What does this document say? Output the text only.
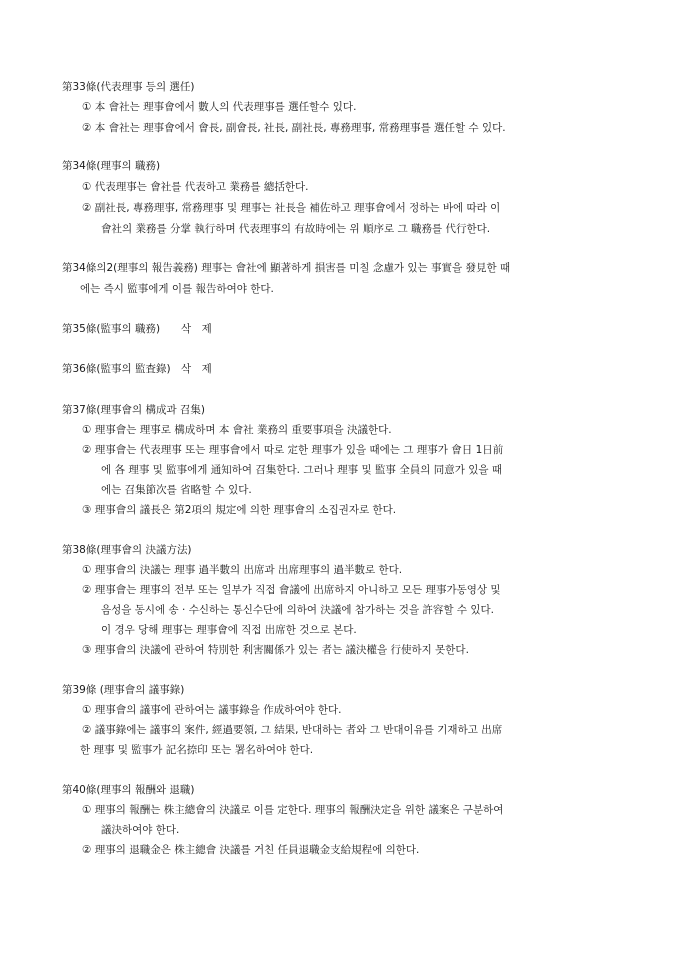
第33條(代表理事 등의 選任)
① 本 會社는 理事會에서 數人의 代表理事를 選任할수 있다.
② 本 會社는 理事會에서 會長, 副會長, 社長, 副社長, 專務理事, 常務理事를 選任할 수 있다.
第34條(理事의 職務)
① 代表理事는 會社를 代表하고 業務를 總括한다.
② 副社長, 專務理事, 常務理事 및 理事는 社長을 補佐하고 理事會에서 정하는 바에 따라 이
會社의 業務를 分掌 執行하며 代表理事의 有故時에는 위 順序로 그 職務를 代行한다.
第34條의2(理事의 報告義務) 理事는 會社에 顯著하게 損害를 미칠 念慮가 있는 事實을 發見한 때
에는 즉시 監事에게 이를 報告하여야 한다.
第35條(監事의 職務)　　삭　제
第36條(監事의 監査錄)　삭　제
第37條(理事會의 構成과 召集)
① 理事會는 理事로 構成하며 本 會社 業務의 重要事項을 決議한다.
② 理事會는 代表理事 또는 理事會에서 따로 定한 理事가 있을 때에는 그 理事가 會日 1日前
에 各 理事 및 監事에게 通知하여 召集한다. 그러나 理事 및 監事 全員의 同意가 있을 때
에는 召集節次를 省略할 수 있다.
③ 理事會의 議長은 第2項의 規定에 의한 理事會의 소집권자로 한다.
第38條(理事會의 決議方法)
① 理事會의 決議는 理事 過半數의 出席과 出席理事의 過半數로 한다.
② 理事會는 理事의 전부 또는 일부가 직접 會議에 出席하지 아니하고 모든 理事가동영상 및
음성을 동시에 송 · 수신하는 통신수단에 의하여 決議에 참가하는 것을 許容할 수 있다.
이 경우 당해 理事는 理事會에 직접 出席한 것으로 본다.
③ 理事會의 決議에 관하여 特別한 利害關係가 있는 者는 議決權을 行使하지 못한다.
第39條 (理事會의 議事錄)
① 理事會의 議事에 관하여는 議事錄을 作成하여야 한다.
② 議事錄에는 議事의 案件, 經過要領, 그 結果, 반대하는 者와 그 반대이유를 기재하고 出席
한 理事 및 監事가 記名捺印 또는 署名하여야 한다.
第40條(理事의 報酬와 退職)
① 理事의 報酬는 株主總會의 決議로 이를 定한다. 理事의 報酬決定을 위한 議案은 구분하여
議決하여야 한다.
② 理事의 退職金은 株主總會 決議를 거친 任員退職金支給規程에 의한다.
